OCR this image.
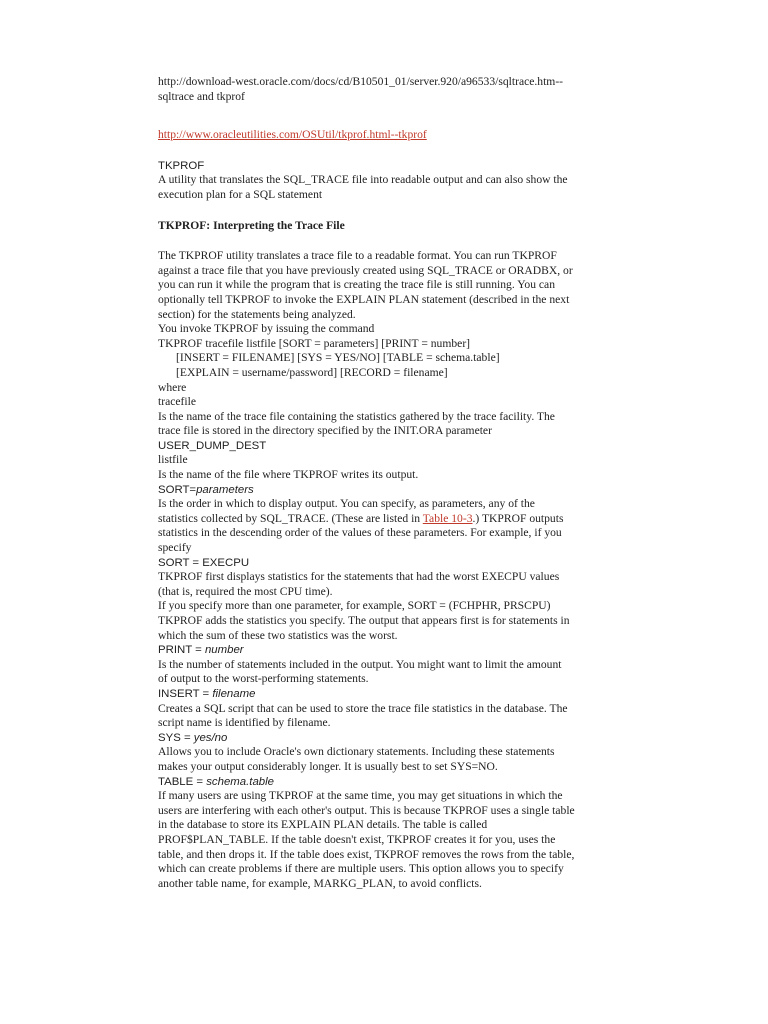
http://download-west.oracle.com/docs/cd/B10501_01/server.920/a96533/sqltrace.htm--
sqltrace and tkprof
http://www.oracleutilities.com/OSUtil/tkprof.html--tkprof
TKPROF
A utility that translates the SQL_TRACE file into readable output and can also show the
execution plan for a SQL statement
TKPROF: Interpreting the Trace File
The TKPROF utility translates a trace file to a readable format. You can run TKPROF
against a trace file that you have previously created using SQL_TRACE or ORADBX, or
you can run it while the program that is creating the trace file is still running. You can
optionally tell TKPROF to invoke the EXPLAIN PLAN statement (described in the next
section) for the statements being analyzed.
You invoke TKPROF by issuing the command
TKPROF tracefile listfile [SORT = parameters] [PRINT = number]
[INSERT = FILENAME] [SYS = YES/NO] [TABLE = schema.table]
[EXPLAIN = username/password] [RECORD = filename]
where
tracefile
Is the name of the trace file containing the statistics gathered by the trace facility. The
trace file is stored in the directory specified by the INIT.ORA parameter
USER_DUMP_DEST
listfile
Is the name of the file where TKPROF writes its output.
SORT=parameters
Is the order in which to display output. You can specify, as parameters, any of the
statistics collected by SQL_TRACE. (These are listed in Table 10-3.) TKPROF outputs
statistics in the descending order of the values of these parameters. For example, if you
specify
SORT = EXECPU
TKPROF first displays statistics for the statements that had the worst EXECPU values
(that is, required the most CPU time).
If you specify more than one parameter, for example, SORT = (FCHPHR, PRSCPU)
TKPROF adds the statistics you specify. The output that appears first is for statements in
which the sum of these two statistics was the worst.
PRINT = number
Is the number of statements included in the output. You might want to limit the amount
of output to the worst-performing statements.
INSERT = filename
Creates a SQL script that can be used to store the trace file statistics in the database. The
script name is identified by filename.
SYS = yes/no
Allows you to include Oracle's own dictionary statements. Including these statements
makes your output considerably longer. It is usually best to set SYS=NO.
TABLE = schema.table
If many users are using TKPROF at the same time, you may get situations in which the
users are interfering with each other's output. This is because TKPROF uses a single table
in the database to store its EXPLAIN PLAN details. The table is called
PROF$PLAN_TABLE. If the table doesn't exist, TKPROF creates it for you, uses the
table, and then drops it. If the table does exist, TKPROF removes the rows from the table,
which can create problems if there are multiple users. This option allows you to specify
another table name, for example, MARKG_PLAN, to avoid conflicts.
